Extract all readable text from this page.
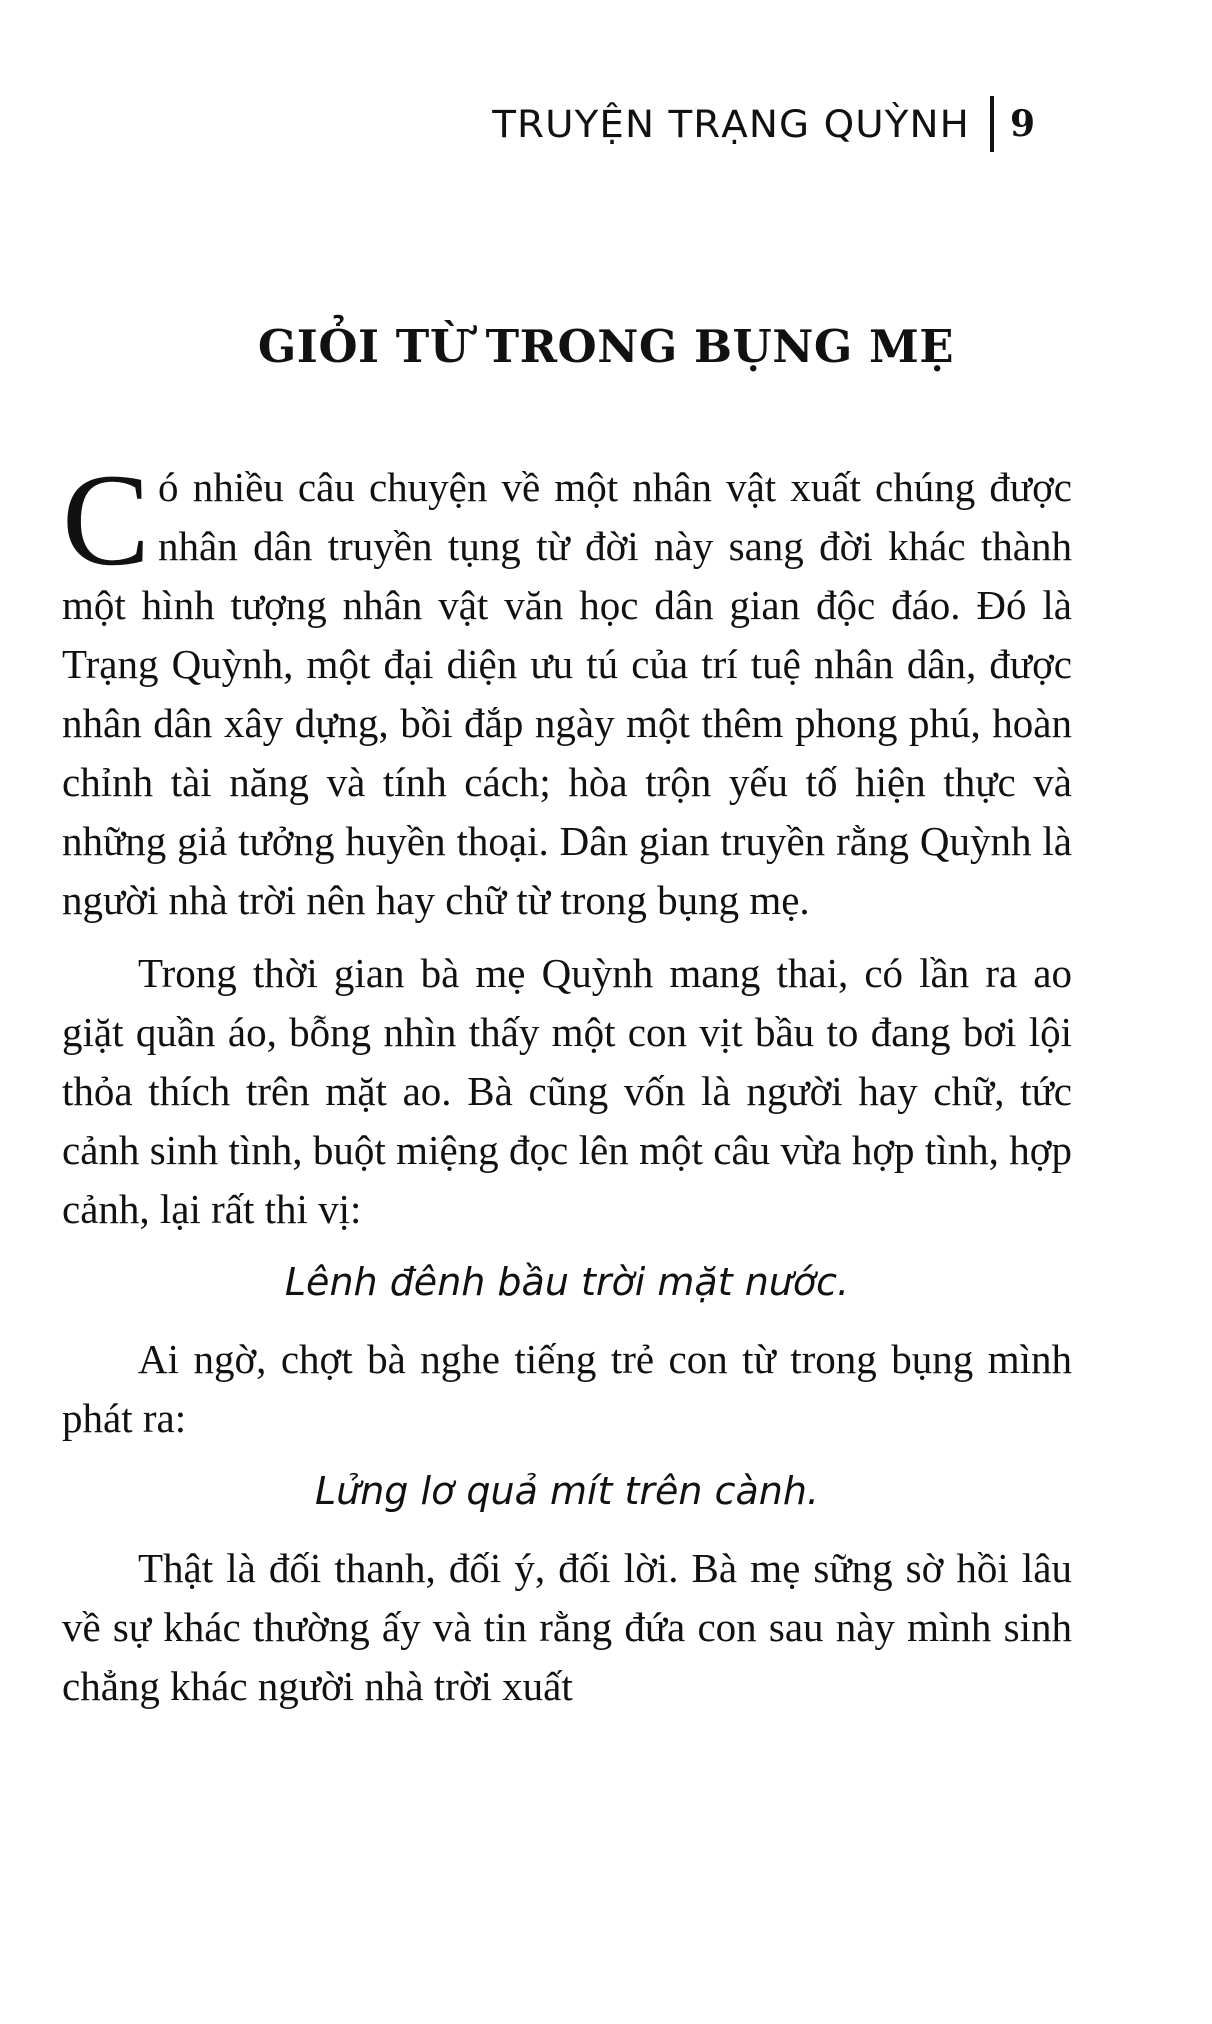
TRUYỆN TRẠNG QUỲNH 9
GIỎI TỪ TRONG BỤNG MẸ

Có nhiều câu chuyện về một nhân vật xuất chúng được nhân dân truyền tụng từ đời này sang đời khác thành một hình tượng nhân vật văn học dân gian độc đáo. Đó là Trạng Quỳnh, một đại diện ưu tú của trí tuệ nhân dân, được nhân dân xây dựng, bồi đắp ngày một thêm phong phú, hoàn chỉnh tài năng và tính cách; hòa trộn yếu tố hiện thực và những giả tưởng huyền thoại. Dân gian truyền rằng Quỳnh là người nhà trời nên hay chữ từ trong bụng mẹ.

Trong thời gian bà mẹ Quỳnh mang thai, có lần ra ao giặt quần áo, bỗng nhìn thấy một con vịt bầu to đang bơi lội thỏa thích trên mặt ao. Bà cũng vốn là người hay chữ, tức cảnh sinh tình, buột miệng đọc lên một câu vừa hợp tình, hợp cảnh, lại rất thi vị:

Lênh đênh bầu trời mặt nước.

Ai ngờ, chợt bà nghe tiếng trẻ con từ trong bụng mình phát ra:

Lửng lơ quả mít trên cành.

Thật là đối thanh, đối ý, đối lời. Bà mẹ sững sờ hồi lâu về sự khác thường ấy và tin rằng đứa con sau này mình sinh chẳng khác người nhà trời xuất
